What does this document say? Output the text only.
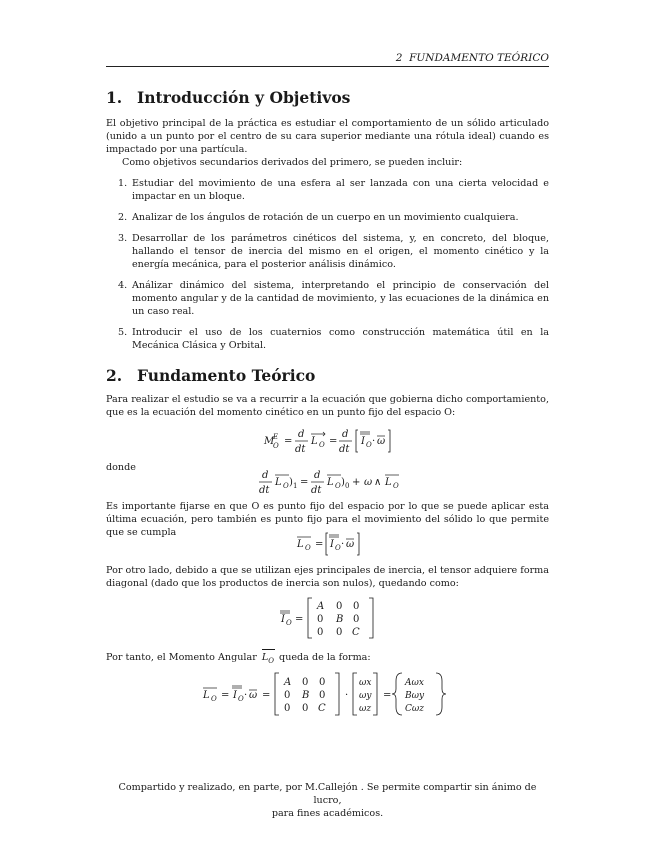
2  FUNDAMENTO TEÓRICO
1. Introducción y Objetivos

El objetivo principal de la práctica es estudiar el comportamiento de un sólido articulado (unido a un punto por el centro de su cara superior mediante una rótula ideal) cuando es impactado por una partícula.

Como objetivos secundarios derivados del primero, se pueden incluir:

1. Estudiar del movimiento de una esfera al ser lanzada con una cierta velocidad e impactar en un bloque.
2. Analizar de los ángulos de rotación de un cuerpo en un movimiento cualquiera.
3. Desarrollar de los parámetros cinéticos del sistema, y, en concreto, del bloque, hallando el tensor de inercia del mismo en el origen, el momento cinético y la energía mecánica, para el posterior análisis dinámico.
4. Análizar dinámico del sistema, interpretando el principio de conservación del momento angular y de la cantidad de movimiento, y las ecuaciones de la dinámica en un caso real.
5. Introducir el uso de los cuaternios como construcción matemática útil en la Mecánica Clásica y Orbital.
2. Fundamento Teórico

Para realizar el estudio se va a recurrir a la ecuación que gobierna dicho comportamiento, que es la ecuación del momento cinético en un punto fijo del espacio O:

M
E
O =
d
dt
L O =
d
dt
I O · ω

donde

d
dt
L O ) 1 =
d
dt
L O ) 0 + ω ∧ L O

Es importante fijarse en que O es punto fijo del espacio por lo que se puede aplicar esta última ecuación, pero también es punto fijo para el movimiento del sólido lo que permite que se cumpla

L O = I O · ω

Por otro lado, debido a que se utilizan ejes principales de inercia, el tensor adquiere forma diagonal (dado que los productos de inercia son nulos), quedando como:

I O =
A 0 0
0 B 0
0 0 C

Por tanto, el Momento Angular $L_O$ queda de la forma:

L O = I O · ω =
A 0 0
0 B 0
0 0 C
·
ωx
ωy
ωz
=
Aωx
Bωy
Cωz
Compartido y realizado, en parte, por M.Callejón . Se permite compartir sin ánimo de lucro,
para fines académicos.
